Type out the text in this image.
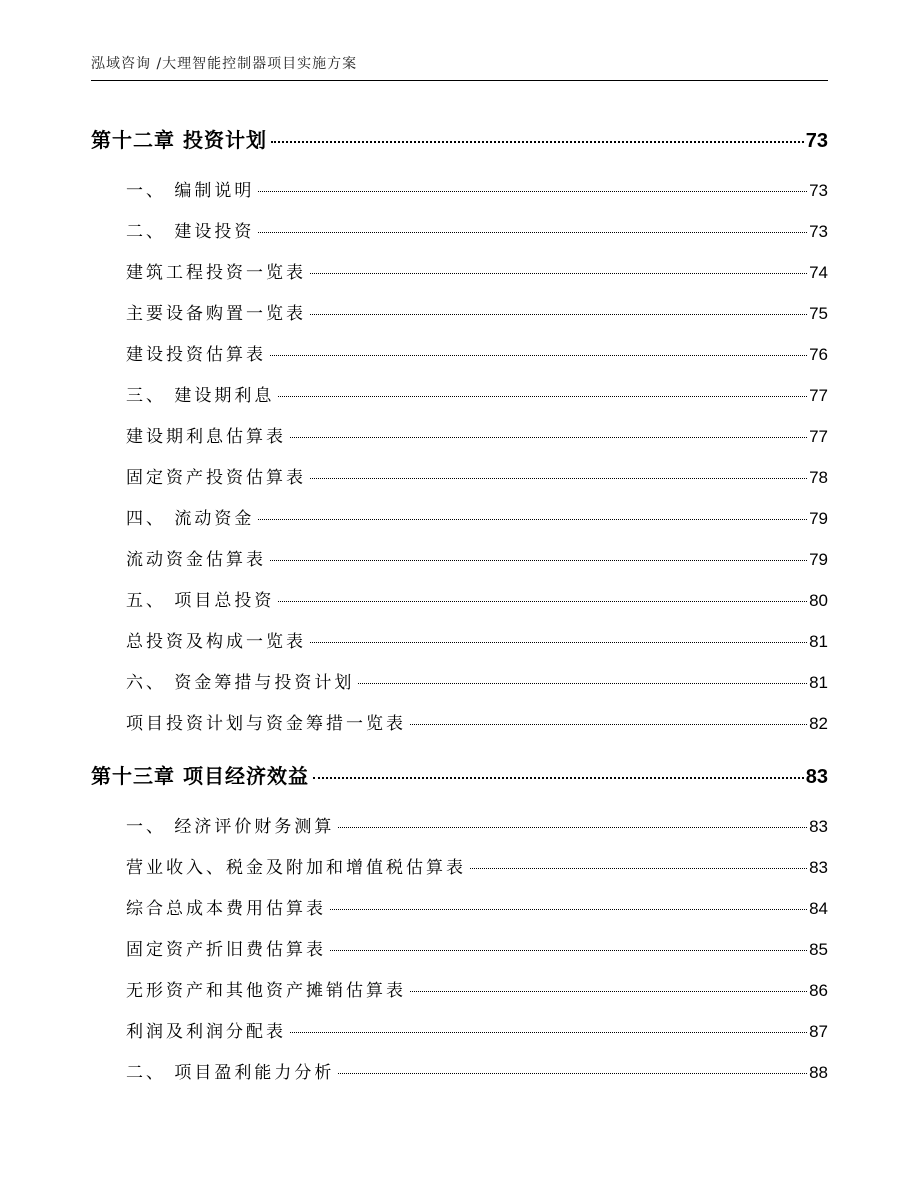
泓域咨询 /大理智能控制器项目实施方案
第十二章 投资计划	73
一、 编制说明	73
二、 建设投资	73
建筑工程投资一览表	74
主要设备购置一览表	75
建设投资估算表	76
三、 建设期利息	77
建设期利息估算表	77
固定资产投资估算表	78
四、 流动资金	79
流动资金估算表	79
五、 项目总投资	80
总投资及构成一览表	81
六、 资金筹措与投资计划	81
项目投资计划与资金筹措一览表	82
第十三章 项目经济效益	83
一、 经济评价财务测算	83
营业收入、税金及附加和增值税估算表	83
综合总成本费用估算表	84
固定资产折旧费估算表	85
无形资产和其他资产摊销估算表	86
利润及利润分配表	87
二、 项目盈利能力分析	88
